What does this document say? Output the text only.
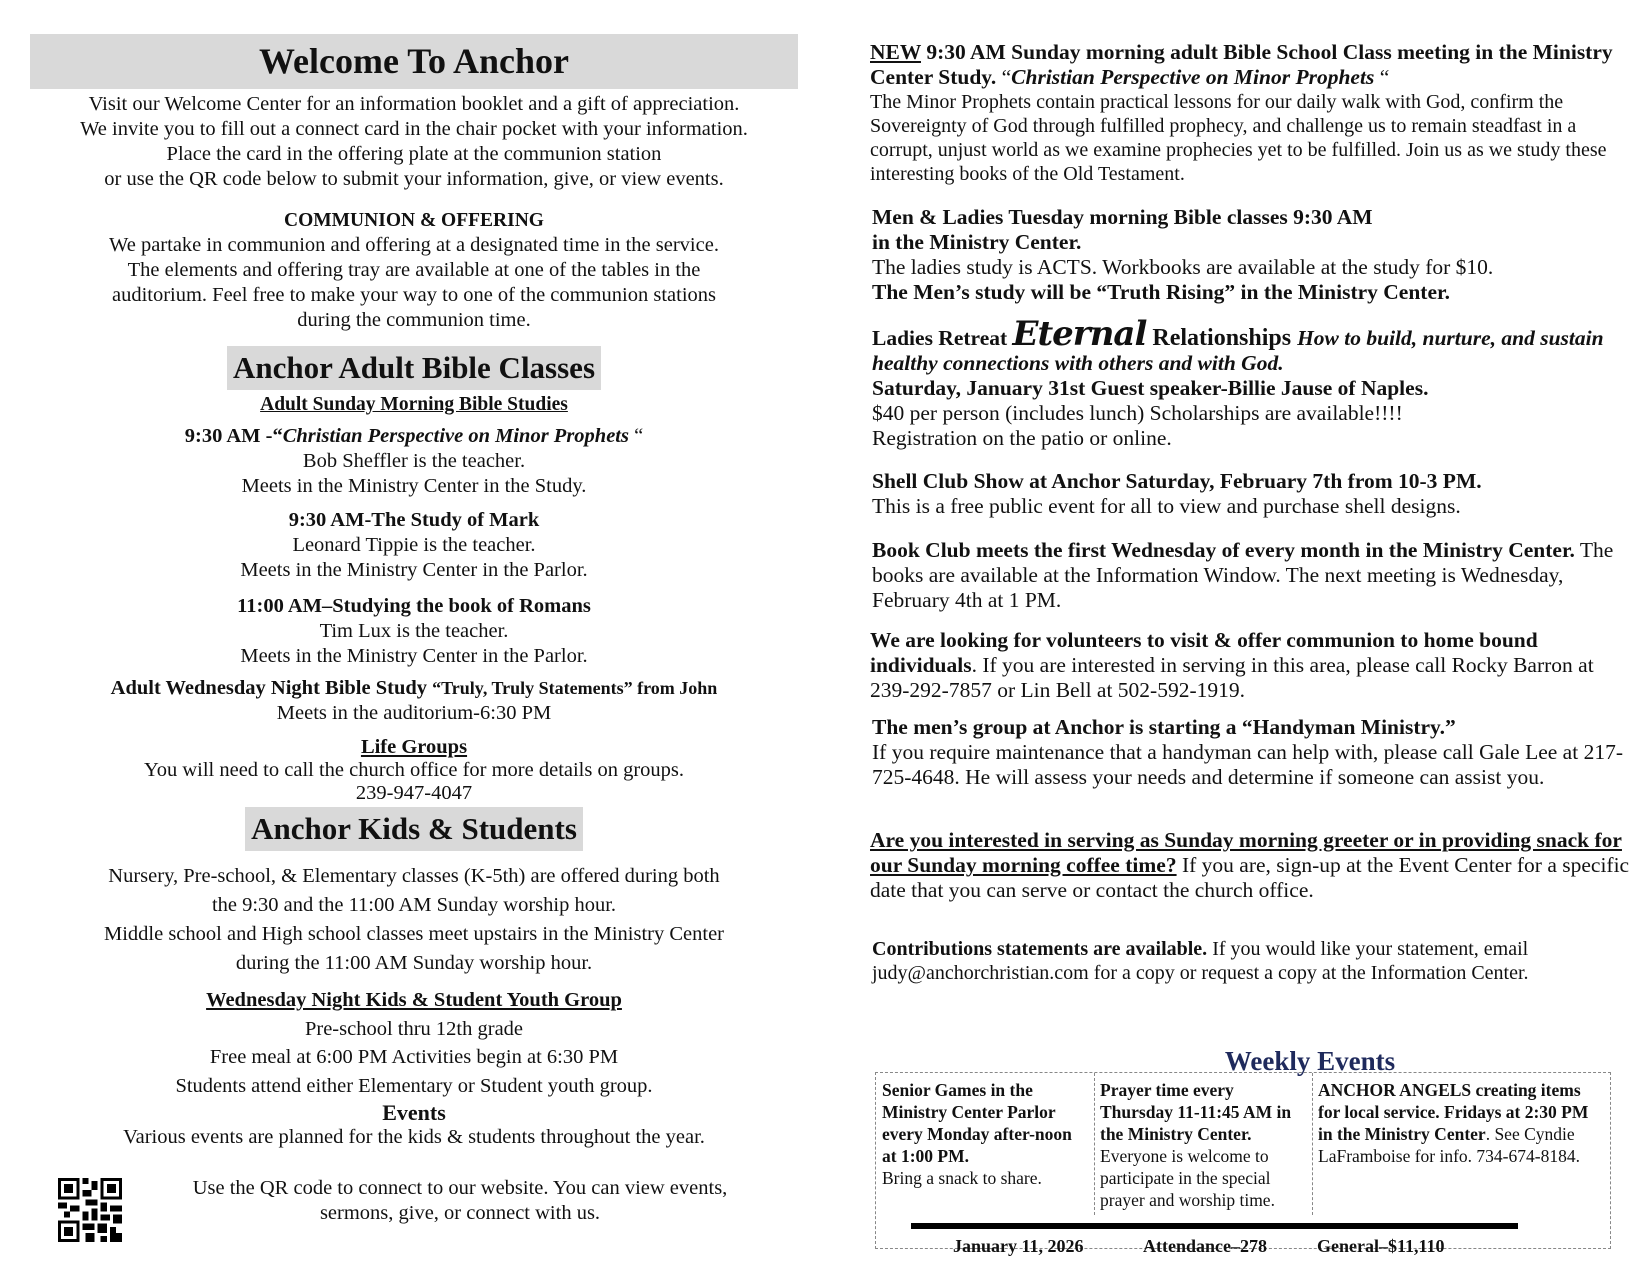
Welcome To Anchor
Visit our Welcome Center for an information booklet and a gift of appreciation.
We invite you to fill out a connect card in the chair pocket with your information.
Place the card in the offering plate at the communion station
or use the QR code below to submit your information, give, or view events.
COMMUNION & OFFERING
We partake in communion and offering at a designated time in the service.
The elements and offering tray are available at one of the tables in the
auditorium. Feel free to make your way to one of the communion stations
during the communion time.
Anchor Adult Bible Classes
Adult Sunday Morning Bible Studies
9:30 AM -“Christian Perspective on Minor Prophets “
Bob Sheffler is the teacher.
Meets in the Ministry Center in the Study.
9:30 AM-The Study of Mark
Leonard Tippie is the teacher.
Meets in the Ministry Center in the Parlor.
11:00 AM–Studying the book of Romans
Tim Lux is the teacher.
Meets in the Ministry Center in the Parlor.
Adult Wednesday Night Bible Study “Truly, Truly Statements” from John
Meets in the auditorium-6:30 PM
Life Groups
You will need to call the church office for more details on groups.
239-947-4047
Anchor Kids & Students
Nursery, Pre-school, & Elementary classes (K-5th) are offered during both
the 9:30 and the 11:00 AM Sunday worship hour.
Middle school and High school classes meet upstairs in the Ministry Center
during the 11:00 AM Sunday worship hour.
Wednesday Night Kids & Student Youth Group
Pre-school thru 12th grade
Free meal at 6:00 PM Activities begin at 6:30 PM
Students attend either Elementary or Student youth group.
Events
Various events are planned for the kids & students throughout the year.
Use the QR code to connect to our website. You can view events,
sermons, give, or connect with us.

NEW 9:30 AM Sunday morning adult Bible School Class meeting in the Ministry Center Study. “Christian Perspective on Minor Prophets “

The Minor Prophets contain practical lessons for our daily walk with God, confirm the Sovereignty of God through fulfilled prophecy, and challenge us to remain steadfast in a corrupt, unjust world as we examine prophecies yet to be fulfilled. Join us as we study these interesting books of the Old Testament.

Men & Ladies Tuesday morning Bible classes 9:30 AM

in the Ministry Center.

The ladies study is ACTS. Workbooks are available at the study for $10.

The Men’s study will be “Truth Rising” in the Ministry Center.

Ladies Retreat Eternal Relationships How to build, nurture, and sustain healthy connections with others and with God.

Saturday, January 31st Guest speaker-Billie Jause of Naples.

$40 per person (includes lunch) Scholarships are available!!!!

Registration on the patio or online.

Shell Club Show at Anchor Saturday, February 7th from 10-3 PM.

This is a free public event for all to view and purchase shell designs.

Book Club meets the first Wednesday of every month in the Ministry Center. The books are available at the Information Window. The next meeting is Wednesday, February 4th at 1 PM.

We are looking for volunteers to visit & offer communion to home bound individuals. If you are interested in serving in this area, please call Rocky Barron at 239-292-7857 or Lin Bell at 502-592-1919.

The men’s group at Anchor is starting a “Handyman Ministry.”

If you require maintenance that a handyman can help with, please call Gale Lee at 217-725-4648. He will assess your needs and determine if someone can assist you.

Are you interested in serving as Sunday morning greeter or in providing snack for our Sunday morning coffee time? If you are, sign-up at the Event Center for a specific date that you can serve or contact the church office.

Contributions statements are available. If you would like your statement, email judy@anchorchristian.com for a copy or request a copy at the Information Center.

Weekly Events
Senior Games in the Ministry Center Parlor every Monday after-noon at 1:00 PM.
Bring a snack to share.
Prayer time every Thursday 11-11:45 AM in the Ministry Center.
Everyone is welcome to participate in the special prayer and worship time.
ANCHOR ANGELS creating items for local service. Fridays at 2:30 PM in the Ministry Center. See Cyndie LaFramboise for info. 734-674-8184.
January 11, 2026	Attendance–278	General–$11,110
